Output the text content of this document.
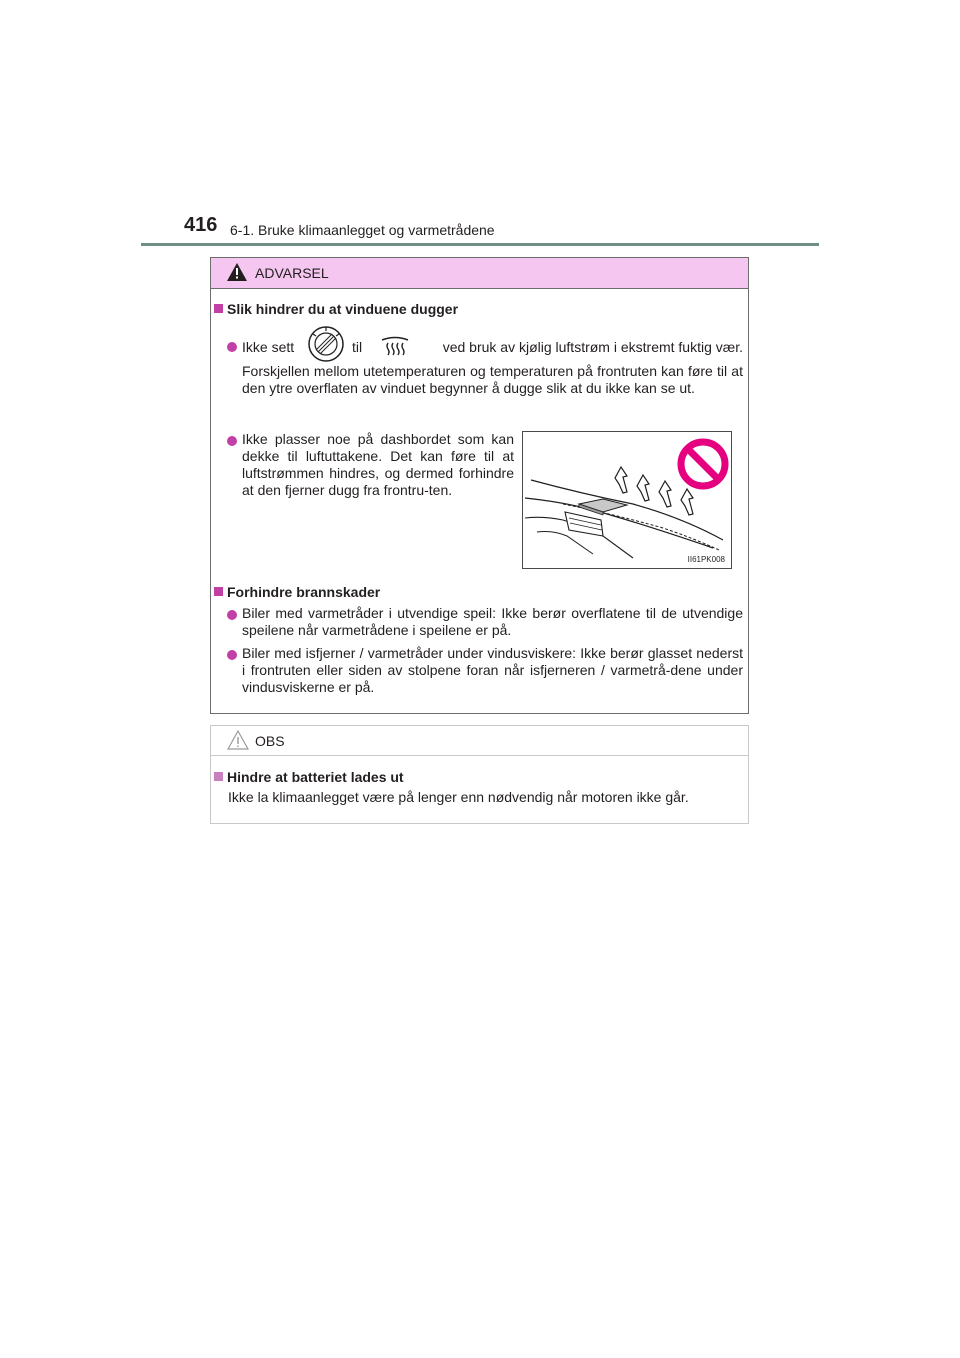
416 6-1. Bruke klimaanlegget og varmetrådene
ADVARSEL
Slik hindrer du at vinduene dugger
Ikke sett	til	ved bruk av kjølig luftstrøm i ekstremt fuktig vær.
Forskjellen mellom utetemperaturen og temperaturen på frontruten kan føre til at den ytre overflaten av vinduet begynner å dugge slik at du ikke kan se ut.
Ikke plasser noe på dashbordet som kan dekke til luftuttakene. Det kan føre til at luftstrømmen hindres, og dermed forhindre at den fjerner dugg fra frontru-ten.
II61PK008
Forhindre brannskader
Biler med varmetråder i utvendige speil: Ikke berør overflatene til de utvendige speilene når varmetrådene i speilene er på.
Biler med isfjerner / varmetråder under vindusviskere: Ikke berør glasset nederst i frontruten eller siden av stolpene foran når isfjerneren / varmetrå-dene under vindusviskerne er på.
OBS
Hindre at batteriet lades ut
Ikke la klimaanlegget være på lenger enn nødvendig når motoren ikke går.
